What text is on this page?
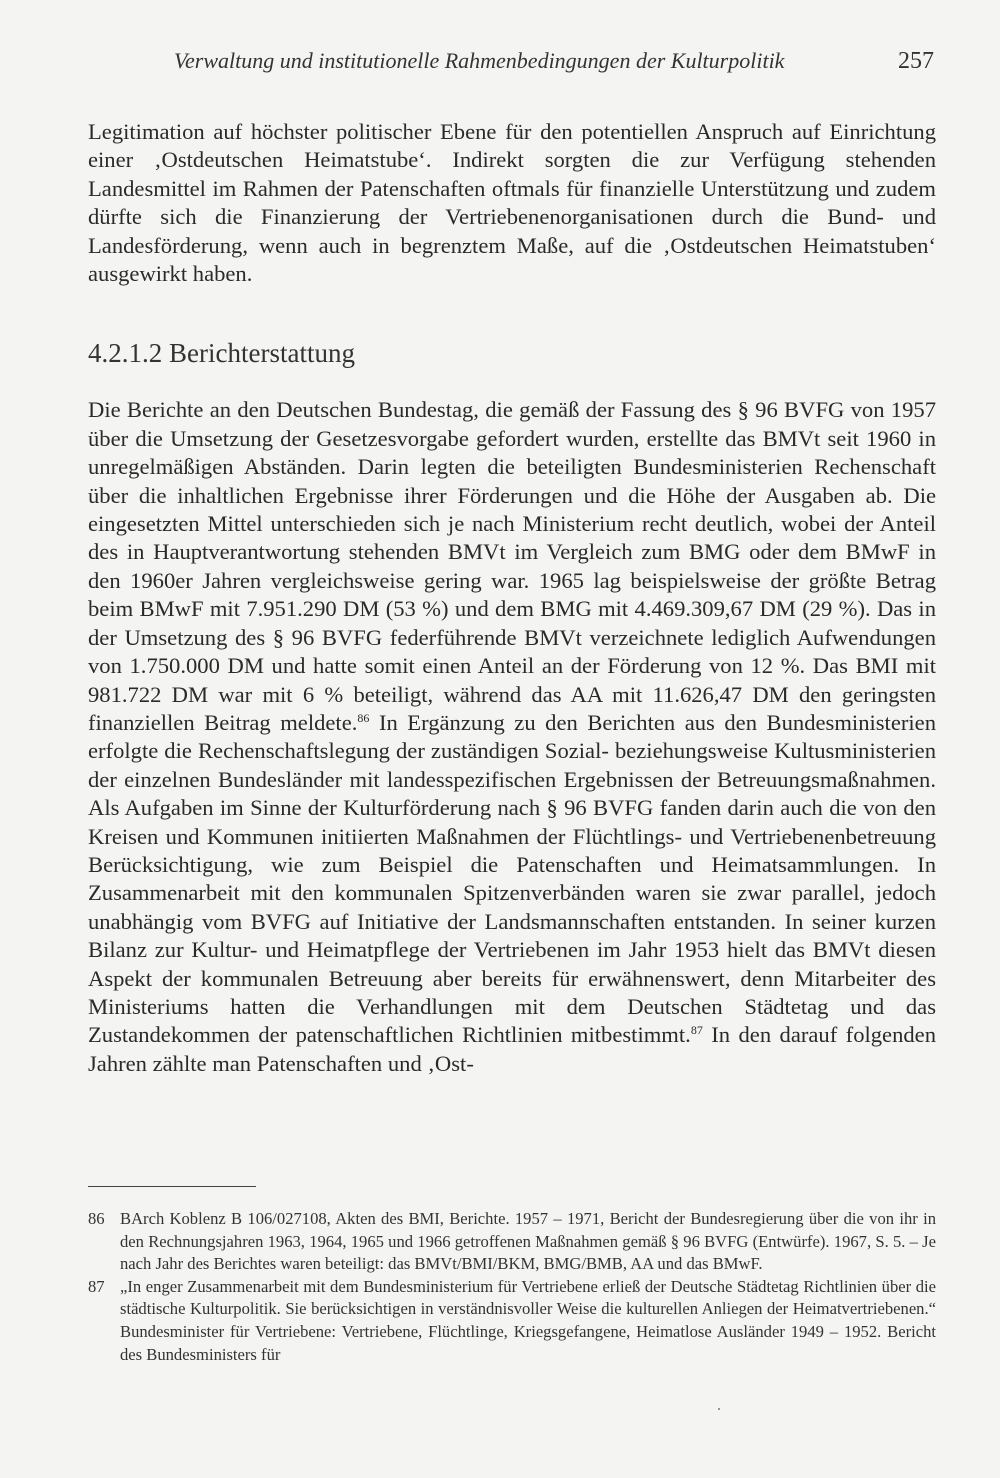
Verwaltung und institutionelle Rahmenbedingungen der Kulturpolitik	257

Legitimation auf höchster politischer Ebene für den potentiellen Anspruch auf Einrichtung einer ‚Ostdeutschen Heimatstube‘. Indirekt sorgten die zur Verfügung stehenden Landesmittel im Rahmen der Patenschaften oftmals für finanzielle Unterstützung und zudem dürfte sich die Finanzierung der Vertriebenenorganisationen durch die Bund- und Landesförderung, wenn auch in begrenztem Maße, auf die ‚Ostdeutschen Heimatstuben‘ ausgewirkt haben.

4.2.1.2 Berichterstattung

Die Berichte an den Deutschen Bundestag, die gemäß der Fassung des § 96 BVFG von 1957 über die Umsetzung der Gesetzesvorgabe gefordert wurden, erstellte das BMVt seit 1960 in unregelmäßigen Abständen. Darin legten die beteiligten Bundesministerien Rechenschaft über die inhaltlichen Ergebnisse ihrer Förderungen und die Höhe der Ausgaben ab. Die eingesetzten Mittel unterschieden sich je nach Ministerium recht deutlich, wobei der Anteil des in Hauptverantwortung stehenden BMVt im Vergleich zum BMG oder dem BMwF in den 1960er Jahren vergleichsweise gering war. 1965 lag beispielsweise der größte Betrag beim BMwF mit 7.951.290 DM (53 %) und dem BMG mit 4.469.309,67 DM (29 %). Das in der Umsetzung des § 96 BVFG federführende BMVt verzeichnete lediglich Aufwendungen von 1.750.000 DM und hatte somit einen Anteil an der Förderung von 12 %. Das BMI mit 981.722 DM war mit 6 % beteiligt, während das AA mit 11.626,47 DM den geringsten finanziellen Beitrag meldete.$^{86}$ In Ergänzung zu den Berichten aus den Bundesministerien erfolgte die Rechenschaftslegung der zuständigen Sozial- beziehungsweise Kultusministerien der einzelnen Bundesländer mit landesspezifischen Ergebnissen der Betreuungsmaßnahmen. Als Aufgaben im Sinne der Kulturförderung nach § 96 BVFG fanden darin auch die von den Kreisen und Kommunen initiierten Maßnahmen der Flüchtlings- und Vertriebenenbetreuung Berücksichtigung, wie zum Beispiel die Patenschaften und Heimatsammlungen. In Zusammenarbeit mit den kommunalen Spitzenverbänden waren sie zwar parallel, jedoch unabhängig vom BVFG auf Initiative der Landsmannschaften entstanden. In seiner kurzen Bilanz zur Kultur- und Heimatpflege der Vertriebenen im Jahr 1953 hielt das BMVt diesen Aspekt der kommunalen Betreuung aber bereits für erwähnenswert, denn Mitarbeiter des Ministeriums hatten die Verhandlungen mit dem Deutschen Städtetag und das Zustandekommen der patenschaftlichen Richtlinien mitbestimmt.$^{87}$ In den darauf folgenden Jahren zählte man Patenschaften und ‚Ost-

86 BArch Koblenz B 106/027108, Akten des BMI, Berichte. 1957 – 1971, Bericht der Bundesregierung über die von ihr in den Rechnungsjahren 1963, 1964, 1965 und 1966 getroffenen Maßnahmen gemäß § 96 BVFG (Entwürfe). 1967, S. 5. – Je nach Jahr des Berichtes waren beteiligt: das BMVt/BMI/BKM, BMG/BMB, AA und das BMwF.
87 „In enger Zusammenarbeit mit dem Bundesministerium für Vertriebene erließ der Deutsche Städtetag Richtlinien über die städtische Kulturpolitik. Sie berücksichtigen in verständnisvoller Weise die kulturellen Anliegen der Heimatvertriebenen.“ Bundesminister für Vertriebene: Vertriebene, Flüchtlinge, Kriegsgefangene, Heimatlose Ausländer 1949 – 1952. Bericht des Bundesministers für
